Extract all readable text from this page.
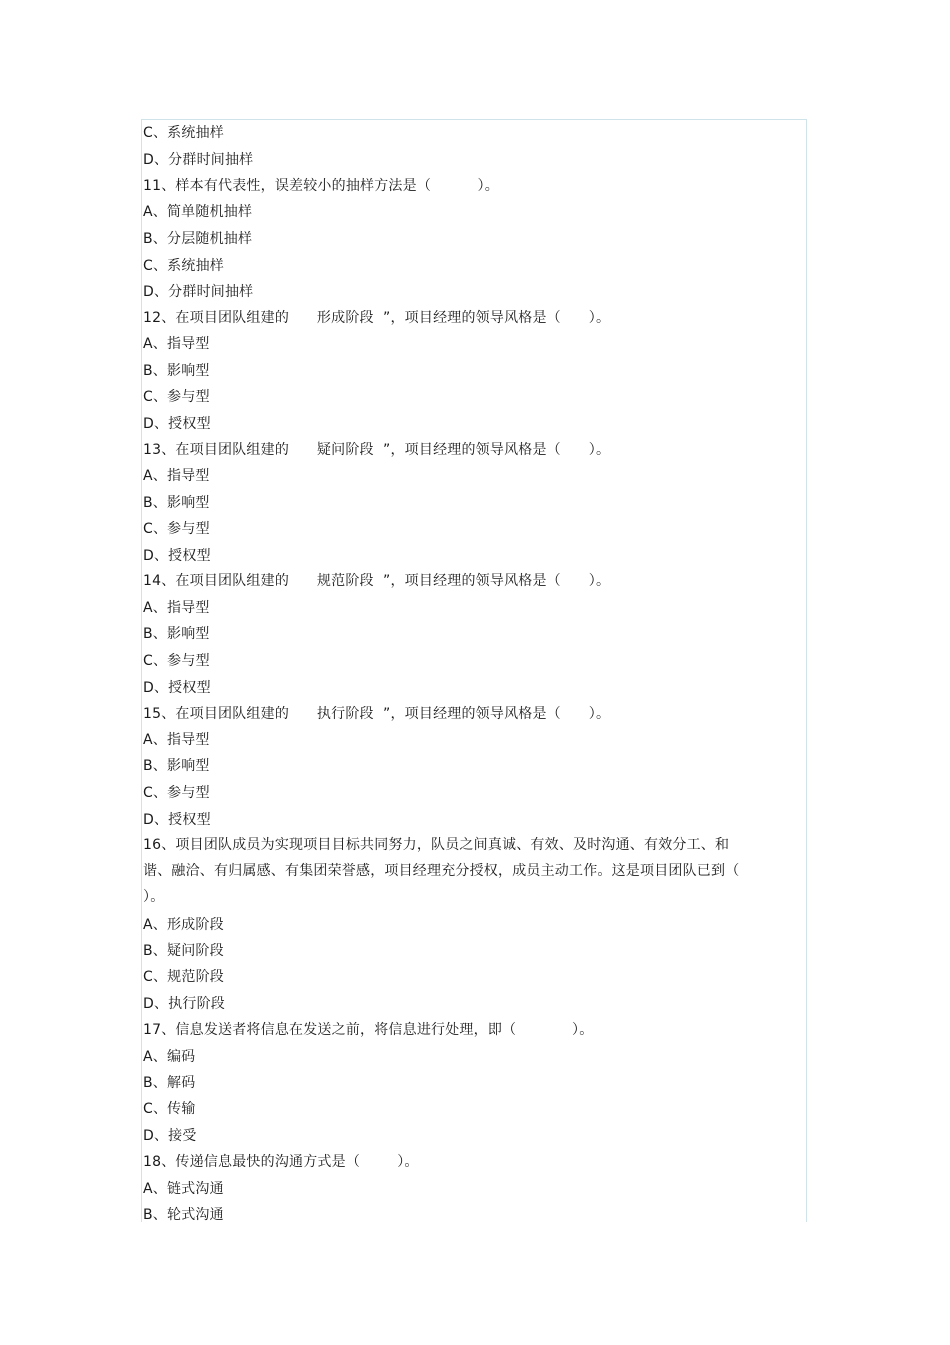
C、系统抽样
D、分群时间抽样
11、样本有代表性，误差较小的抽样方法是（          ）。
A、简单随机抽样
B、分层随机抽样
C、系统抽样
D、分群时间抽样
12、在项目团队组建的      形成阶段  ”，项目经理的领导风格是（      ）。
A、指导型
B、影响型
C、参与型
D、授权型
13、在项目团队组建的      疑问阶段  ”，项目经理的领导风格是（      ）。
A、指导型
B、影响型
C、参与型
D、授权型
14、在项目团队组建的      规范阶段  ”，项目经理的领导风格是（      ）。
A、指导型
B、影响型
C、参与型
D、授权型
15、在项目团队组建的      执行阶段  ”，项目经理的领导风格是（      ）。
A、指导型
B、影响型
C、参与型
D、授权型
16、项目团队成员为实现项目目标共同努力，队员之间真诚、有效、及时沟通、有效分工、和谐、融洽、有归属感、有集团荣誉感，项目经理充分授权，成员主动工作。这是项目团队已到（ ）。
A、形成阶段
B、疑问阶段
C、规范阶段
D、执行阶段
17、信息发送者将信息在发送之前，将信息进行处理，即（            ）。
A、编码
B、解码
C、传输
D、接受
18、传递信息最快的沟通方式是（        ）。
A、链式沟通
B、轮式沟通
